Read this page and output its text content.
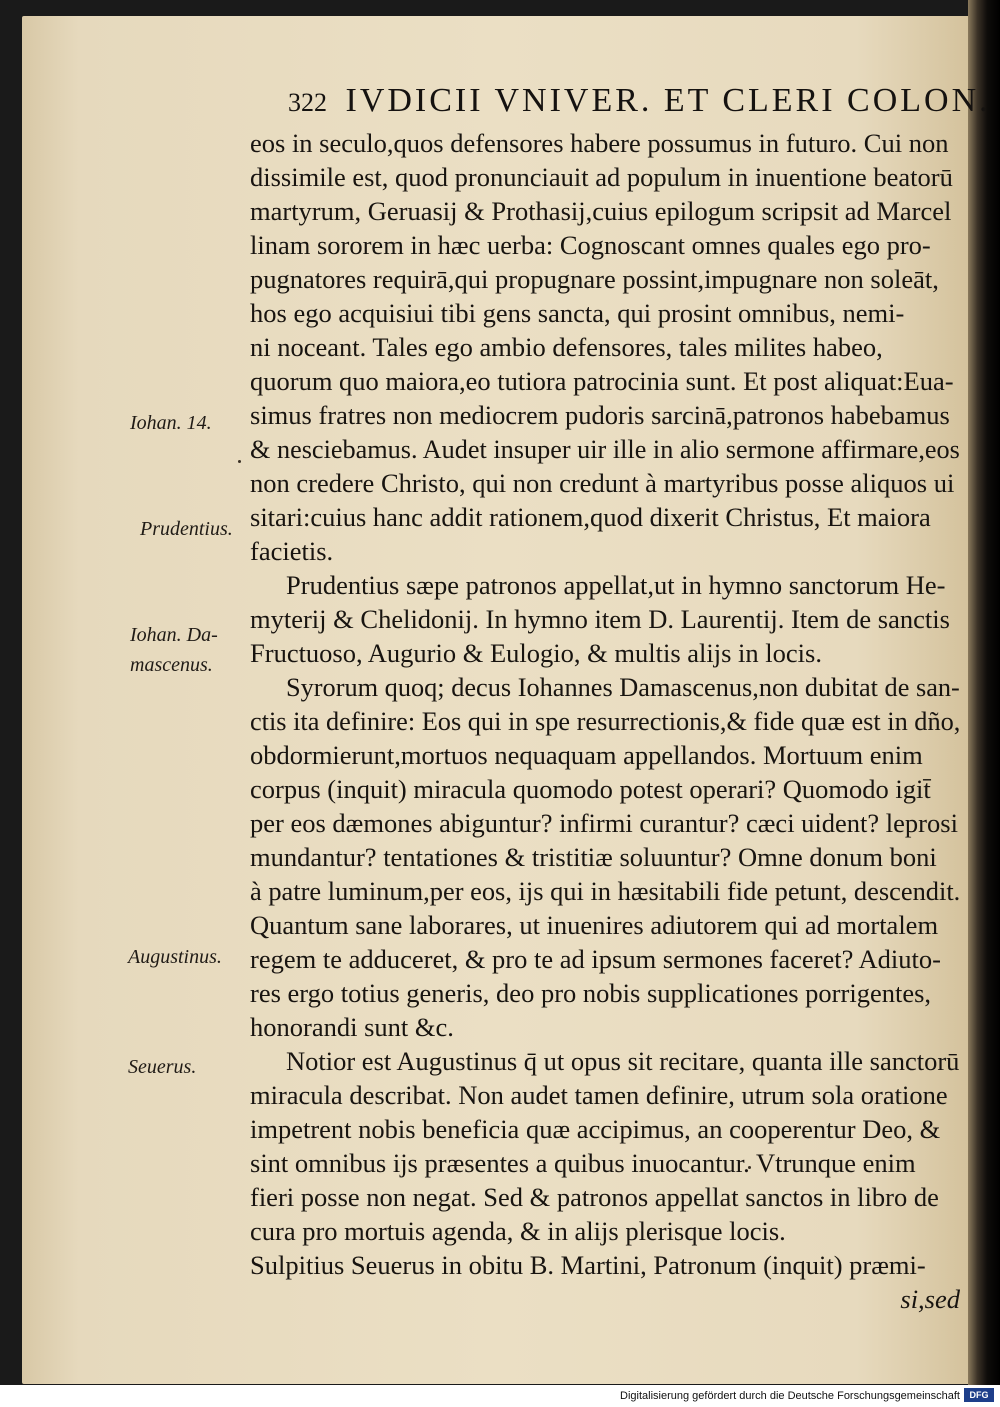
322 IVDICII VNIVER. ET CLERI COLON.
Iohan. 14.
Prudentius.
Iohan. Da-
mascenus.
Augustinus.
Seuerus.
eos in seculo,quos defensores habere possumus in futuro. Cui non
dissimile est, quod pronunciauit ad populum in inuentione beatorū
martyrum, Geruasij & Prothasij,cuius epilogum scripsit ad Marcel
linam sororem in hæc uerba: Cognoscant omnes quales ego pro-
pugnatores requirā,qui propugnare possint,impugnare non soleāt,
hos ego acquisiui tibi gens sancta, qui prosint omnibus, nemi-
ni noceant. Tales ego ambio defensores, tales milites habeo,
quorum quo maiora,eo tutiora patrocinia sunt. Et post aliquat:Eua-
simus fratres non mediocrem pudoris sarcinā,patronos habebamus
& nesciebamus. Audet insuper uir ille in alio sermone affirmare,eos
non credere Christo, qui non credunt à martyribus posse aliquos ui
sitari:cuius hanc addit rationem,quod dixerit Christus, Et maiora
facietis.
Prudentius sæpe patronos appellat,ut in hymno sanctorum He-
myterij & Chelidonij. In hymno item D. Laurentij. Item de sanctis
Fructuoso, Augurio & Eulogio, & multis alijs in locis.
Syrorum quoq; decus Iohannes Damascenus,non dubitat de san-
ctis ita definire: Eos qui in spe resurrectionis,& fide quæ est in dño,
obdormierunt,mortuos nequaquam appellandos. Mortuum enim
corpus (inquit) miracula quomodo potest operari? Quomodo igit̄
per eos dæmones abiguntur? infirmi curantur? cæci uident? leprosi
mundantur? tentationes & tristitiæ soluuntur? Omne donum boni
à patre luminum,per eos, ijs qui in hæsitabili fide petunt, descendit.
Quantum sane laborares, ut inuenires adiutorem qui ad mortalem
regem te adduceret, & pro te ad ipsum sermones faceret? Adiuto-
res ergo totius generis, deo pro nobis supplicationes porrigentes,
honorandi sunt &c.
Notior est Augustinus q̄ ut opus sit recitare, quanta ille sanctorū
miracula describat. Non audet tamen definire, utrum sola oratione
impetrent nobis beneficia quæ accipimus, an cooperentur Deo, &
sint omnibus ijs præsentes a quibus inuocantur. Vtrunque enim
fieri posse non negat. Sed & patronos appellat sanctos in libro de
cura pro mortuis agenda, & in alijs plerisque locis.
Sulpitius Seuerus in obitu B. Martini, Patronum (inquit) præmi-
si,sed
Digitalisierung gefördert durch die Deutsche Forschungsgemeinschaft	DFG
